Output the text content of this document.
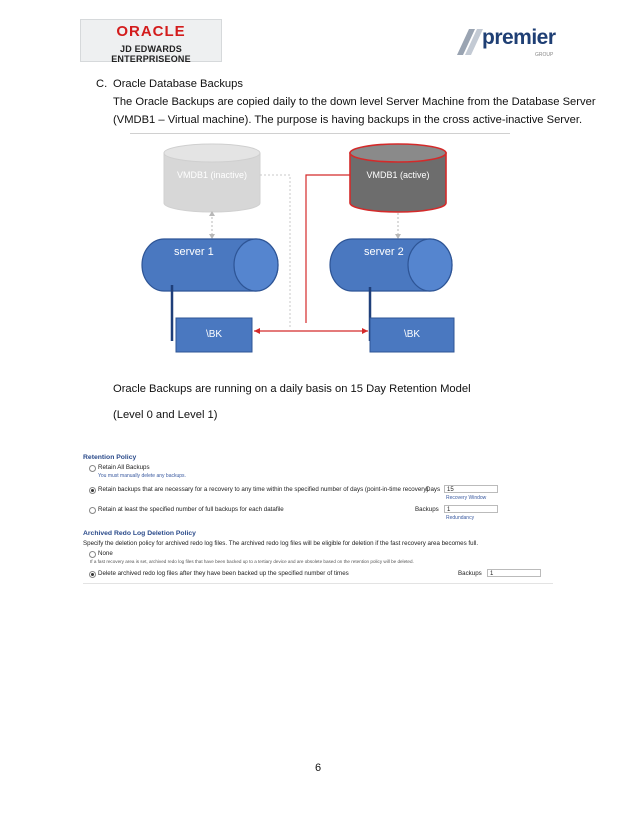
ORACLE
JD EDWARDS ENTERPRISEONE
premier
GROUP
C. Oracle Database Backups
The Oracle Backups are copied daily to the down level Server Machine from the Database Server
(VMDB1 – Virtual machine). The purpose is having backups in the cross active-inactive Server.
VMDB1 (inactive)	VMDB1 (active)
server 1	server 2
\BK	\BK
Oracle Backups are running on a daily basis on 15 Day Retention Model
(Level 0 and Level 1)
Retention Policy
Retain All Backups
You must manually delete any backups.
Retain backups that are necessary for a recovery to any time within the specified number of days (point-in-time recovery)
Days	15
Recovery Window
Retain at least the specified number of full backups for each datafile	Backups	1
Redundancy
Archived Redo Log Deletion Policy
Specify the deletion policy for archived redo log files. The archived redo log files will be eligible for deletion if the fast recovery area becomes full.
None
If a fast recovery area is set, archived redo log files that have been backed up to a tertiary device and are obsolete based on the retention policy will be deleted.
Delete archived redo log files after they have been backed up the specified number of times	Backups	1
6
